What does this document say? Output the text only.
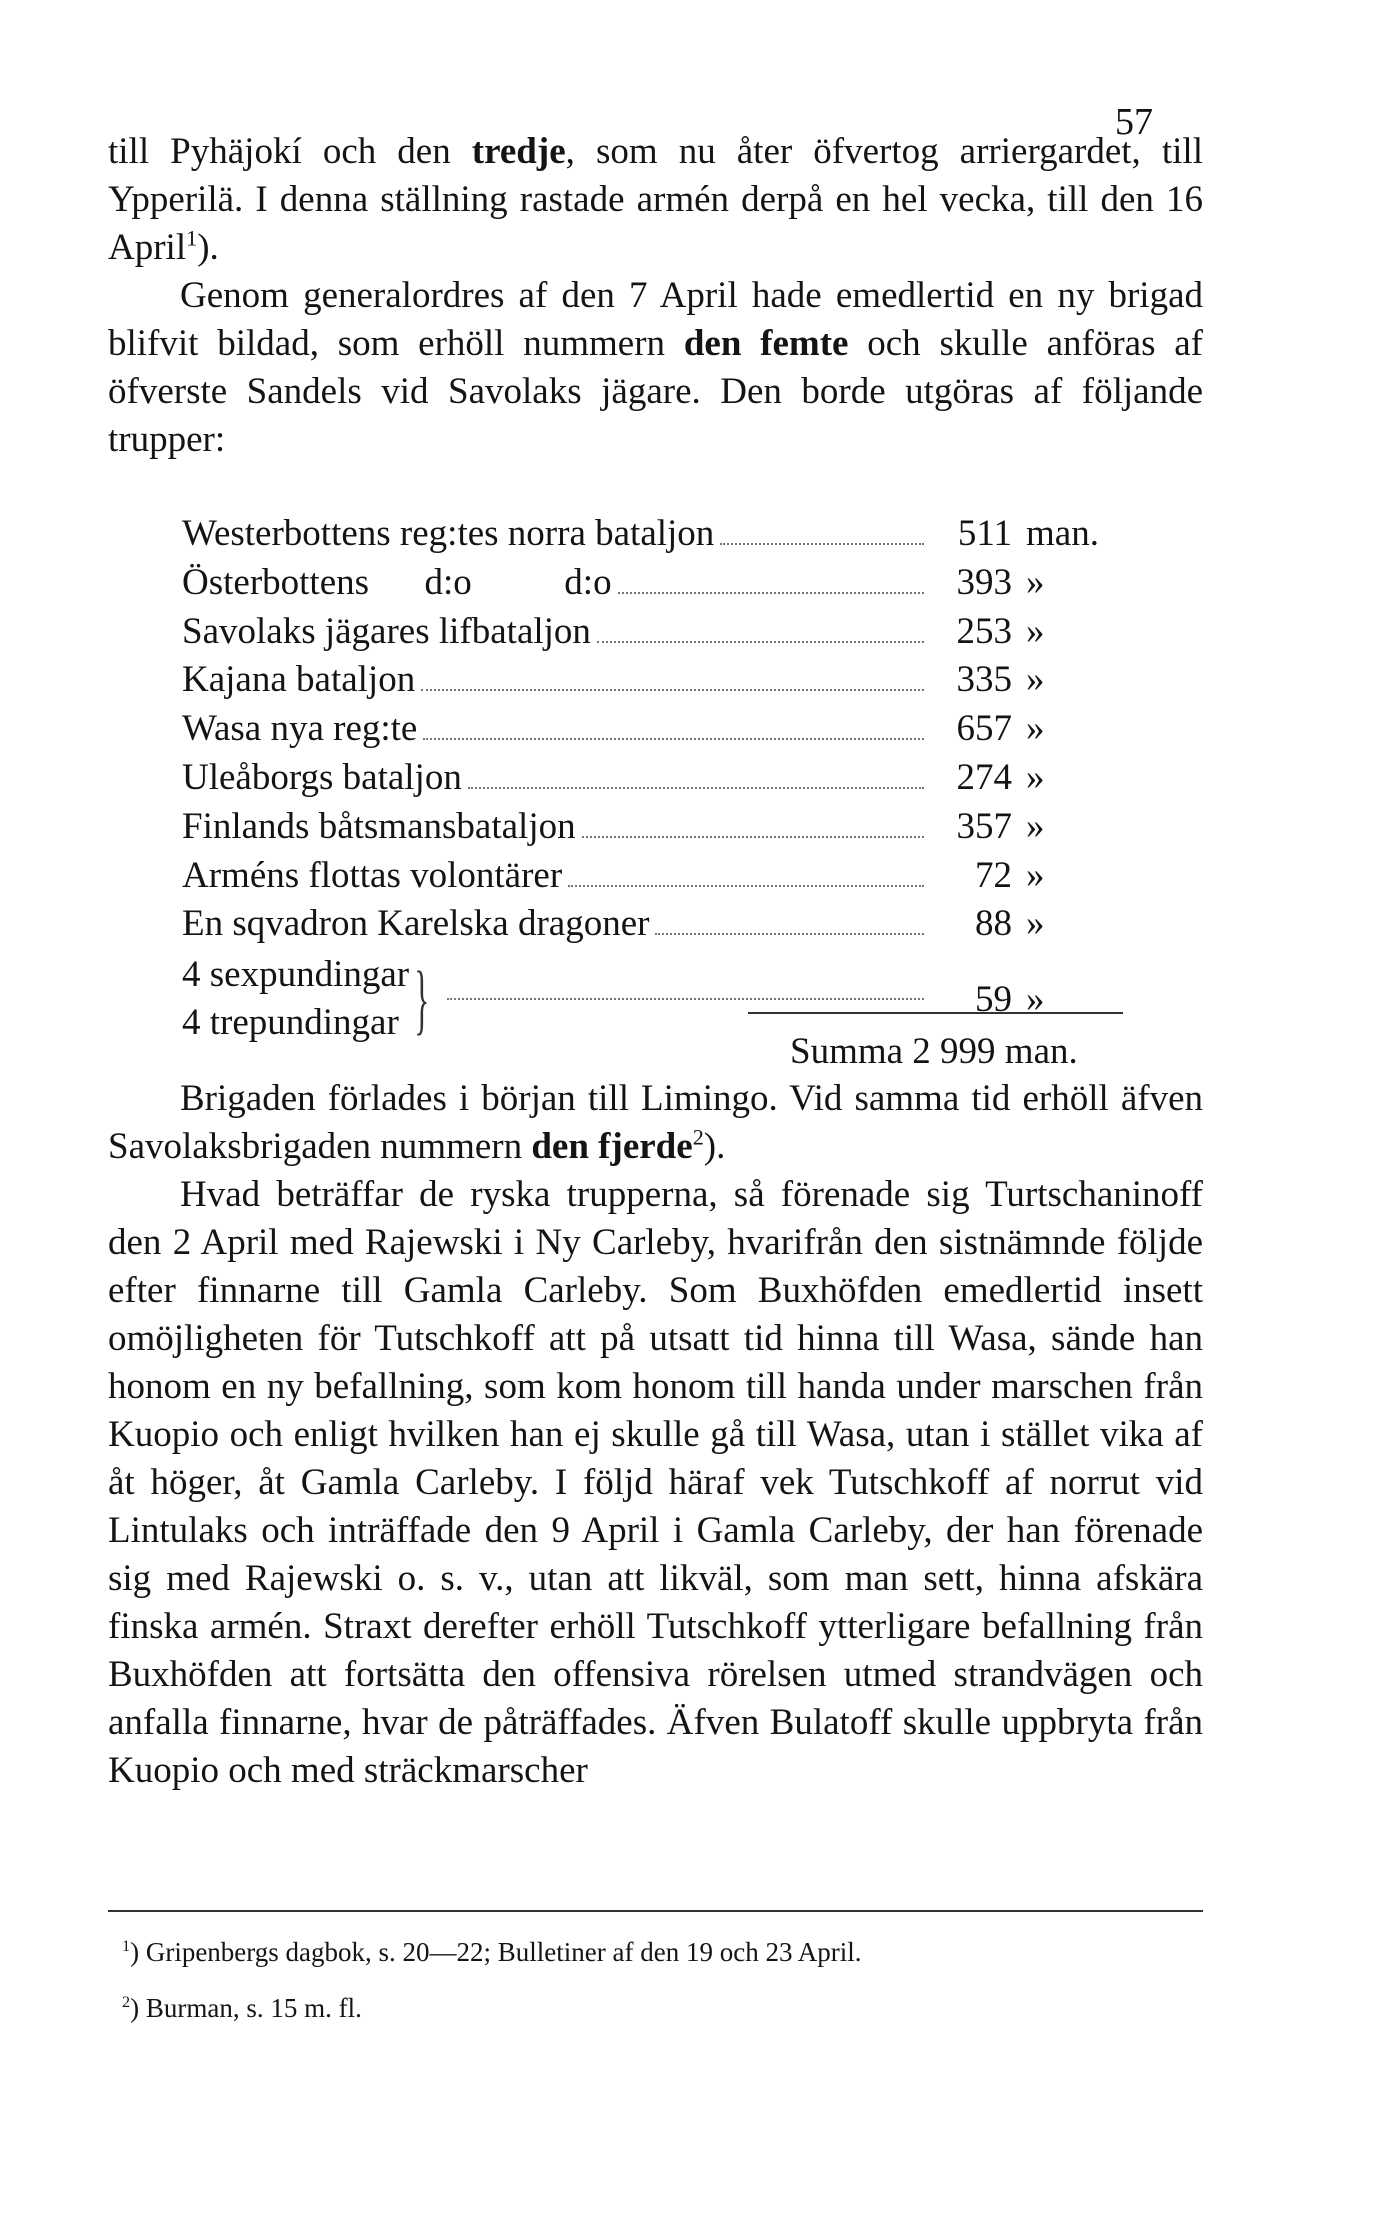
57

till Pyhäjokí och den tredje, som nu åter öfvertog arriergardet, till Ypperilä. I denna ställning rastade armén derpå en hel vecka, till den 16 April$^1$).

Genom generalordres af den 7 April hade emedlertid en ny brigad blifvit bildad, som erhöll nummern den femte och skulle anföras af öfverste Sandels vid Savolaks jägare. Den borde utgöras af följande trupper:

Westerbottens reg:tes norra bataljon	511 man.
Österbottens      d:o          d:o	393 »
Savolaks jägares lifbataljon	253 »
Kajana bataljon	335 »
Wasa nya reg:te	657 »
Uleåborgs bataljon	274 »
Finlands båtsmansbataljon	357 »
Arméns flottas volontärer	72 »
En sqvadron Karelska dragoner	88 »
4 sexpundingar
4 trepundingar }	59 »
Summa 2 999 man.

Brigaden förlades i början till Limingo. Vid samma tid erhöll äfven Savolaksbrigaden nummern den fjerde$^2$).

Hvad beträffar de ryska trupperna, så förenade sig Turtschaninoff den 2 April med Rajewski i Ny Carleby, hvarifrån den sistnämnde följde efter finnarne till Gamla Carleby. Som Buxhöfden emedlertid insett omöjligheten för Tutschkoff att på utsatt tid hinna till Wasa, sände han honom en ny befallning, som kom honom till handa under marschen från Kuopio och enligt hvilken han ej skulle gå till Wasa, utan i stället vika af åt höger, åt Gamla Carleby. I följd häraf vek Tutschkoff af norrut vid Lintulaks och inträffade den 9 April i Gamla Carleby, der han förenade sig med Rajewski o. s. v., utan att likväl, som man sett, hinna afskära finska armén. Straxt derefter erhöll Tutschkoff ytterligare befallning från Buxhöfden att fortsätta den offensiva rörelsen utmed strandvägen och anfalla finnarne, hvar de påträffades. Äfven Bulatoff skulle uppbryta från Kuopio och med sträckmarscher

$^1$) Gripenbergs dagbok, s. 20—22; Bulletiner af den 19 och 23 April.
$^2$) Burman, s. 15 m. fl.
